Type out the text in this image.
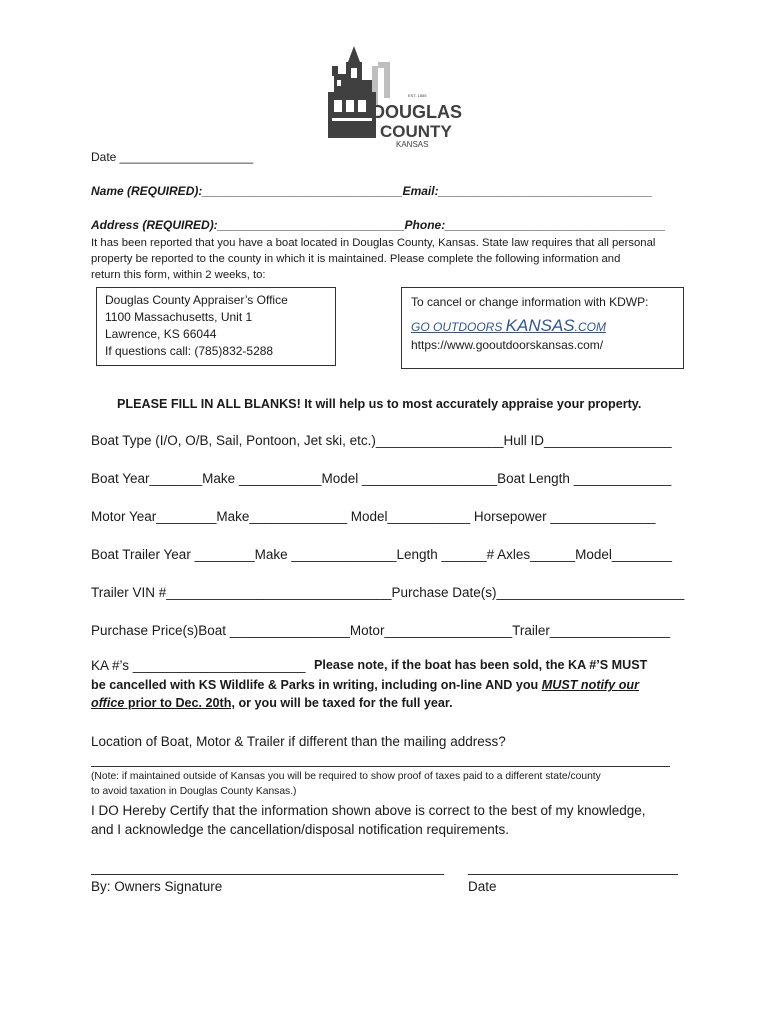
DOUGLAS
COUNTY
KANSAS
EST. 1855
Date ____________________
Name (REQUIRED):______________________________Email:________________________________
Address (REQUIRED):____________________________Phone:_________________________________
It has been reported that you have a boat located in Douglas County, Kansas. State law requires that all personal
property be reported to the county in which it is maintained. Please complete the following information and
return this form, within 2 weeks, to:
Douglas County Appraiser’s Office
1100 Massachusetts, Unit 1
Lawrence, KS 66044
If questions call: (785)832-5288
To cancel or change information with KDWP:
GO OUTDOORS KANSAS.COM
https://www.gooutdoorskansas.com/
PLEASE FILL IN ALL BLANKS! It will help us to most accurately appraise your property.
Boat Type (I/O, O/B, Sail, Pontoon, Jet ski, etc.)_________________Hull ID_________________
Boat Year_______Make ___________Model __________________Boat Length _____________
Motor Year________Make_____________ Model___________ Horsepower ______________
Boat Trailer Year ________Make ______________Length ______# Axles______Model________
Trailer VIN #______________________________Purchase Date(s)_________________________
Purchase Price(s)Boat ________________Motor_________________Trailer________________
KA #’s _______________________ Please note, if the boat has been sold, the KA #’S MUST
be cancelled with KS Wildlife & Parks in writing, including on-line AND you MUST notify our
office prior to Dec. 20th, or you will be taxed for the full year.
Location of Boat, Motor & Trailer if different than the mailing address?
(Note: if maintained outside of Kansas you will be required to show proof of taxes paid to a different state/county
to avoid taxation in Douglas County Kansas.)
I DO Hereby Certify that the information shown above is correct to the best of my knowledge,
and I acknowledge the cancellation/disposal notification requirements.
By: Owners Signature	Date
